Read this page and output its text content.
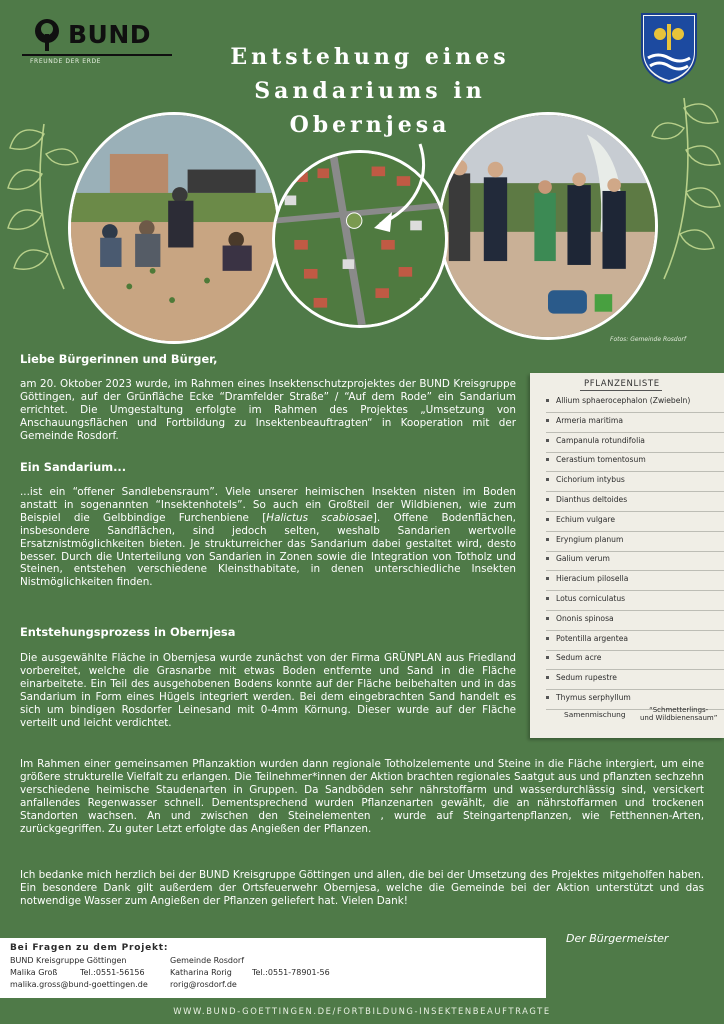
BUND
FREUNDE DER ERDE	Entstehung eines
Sandariums in
Obernjesa
Fotos: Gemeinde Rosdorf
Liebe Bürgerinnen und Bürger,
am 20. Oktober 2023 wurde, im Rahmen eines Insektenschutzprojektes der BUND Kreisgruppe Göttingen, auf der Grünfläche Ecke “Dramfelder Straße” / “Auf dem Rode” ein Sandarium errichtet. Die Umgestaltung erfolgte im Rahmen des Projektes „Umsetzung von Anschauungsflächen und Fortbildung zu Insektenbeauftragten“ in Kooperation mit der Gemeinde Rosdorf.
Ein Sandarium...
...ist ein “offener Sandlebensraum”. Viele unserer heimischen Insekten nisten im Boden anstatt in sogenannten “Insektenhotels”. So auch ein Großteil der Wildbienen, wie zum Beispiel die Gelbbindige Furchenbiene [Halictus scabiosae]. Offene Bodenflächen, insbesondere Sandflächen, sind jedoch selten, weshalb Sandarien wertvolle Ersatznistmöglichkeiten bieten. Je strukturreicher das Sandarium dabei gestaltet wird, desto besser. Durch die Unterteilung von Sandarien in Zonen sowie die Integration von Totholz und Steinen, entstehen verschiedene Kleinsthabitate, in denen unterschiedliche Insekten Nistmöglichkeiten finden.
Entstehungsprozess in Obernjesa
Die ausgewählte Fläche in Obernjesa wurde zunächst von der Firma GRÜNPLAN aus Friedland vorbereitet, welche die Grasnarbe mit etwas Boden entfernte und Sand in die Fläche einarbeitete. Ein Teil des ausgehobenen Bodens konnte auf der Fläche beibehalten und in das Sandarium in Form eines Hügels integriert werden. Bei dem eingebrachten Sand handelt es sich um bindigen Rosdorfer Leinesand mit 0-4mm Körnung. Dieser wurde auf der Fläche verteilt und leicht verdichtet.
Im Rahmen einer gemeinsamen Pflanzaktion wurden dann regionale Totholzelemente und Steine in die Fläche intergiert, um eine größere strukturelle Vielfalt zu erlangen. Die Teilnehmer*innen der Aktion brachten regionales Saatgut aus und pflanzten sechzehn verschiedene heimische Staudenarten in Gruppen. Da Sandböden sehr nährstoffarm und wasserdurchlässig sind, versickert anfallendes Regenwasser schnell. Dementsprechend wurden Pflanzenarten gewählt, die an nährstoffarmen und trockenen Standorten wachsen. An und zwischen den Steinelementen , wurde auf Steingartenpflanzen, wie Fetthennen-Arten, zurückgegriffen. Zu guter Letzt erfolgte das Angießen der Pflanzen.
Ich bedanke mich herzlich bei der BUND Kreisgruppe Göttingen und allen, die bei der Umsetzung des Projektes mitgeholfen haben. Ein besondere Dank gilt außerdem der Ortsfeuerwehr Obernjesa, welche die Gemeinde bei der Aktion unterstützt und das notwendige Wasser zum Angießen der Pflanzen geliefert hat. Vielen Dank!
Der Bürgermeister
PFLANZENLISTE
Allium sphaerocephalon (Zwiebeln)
Armeria maritima
Campanula rotundifolia
Cerastium tomentosum
Cichorium intybus
Dianthus deltoides
Echium vulgare
Eryngium planum
Galium verum
Hieracium pilosella
Lotus corniculatus
Ononis spinosa
Potentilla argentea
Sedum acre
Sedum rupestre
Thymus serphyllum
Samenmischung	“Schmetterlings-
und Wildbienensaum”
Bei Fragen zu dem Projekt:
BUND Kreisgruppe Göttingen
Malika Groß	Tel.:0551-56156
malika.gross@bund-goettingen.de
Gemeinde Rosdorf
Katharina Rorig	Tel.:0551-78901-56
rorig@rosdorf.de
WWW.BUND-GOETTINGEN.DE/FORTBILDUNG-INSEKTENBEAUFTRAGTE
